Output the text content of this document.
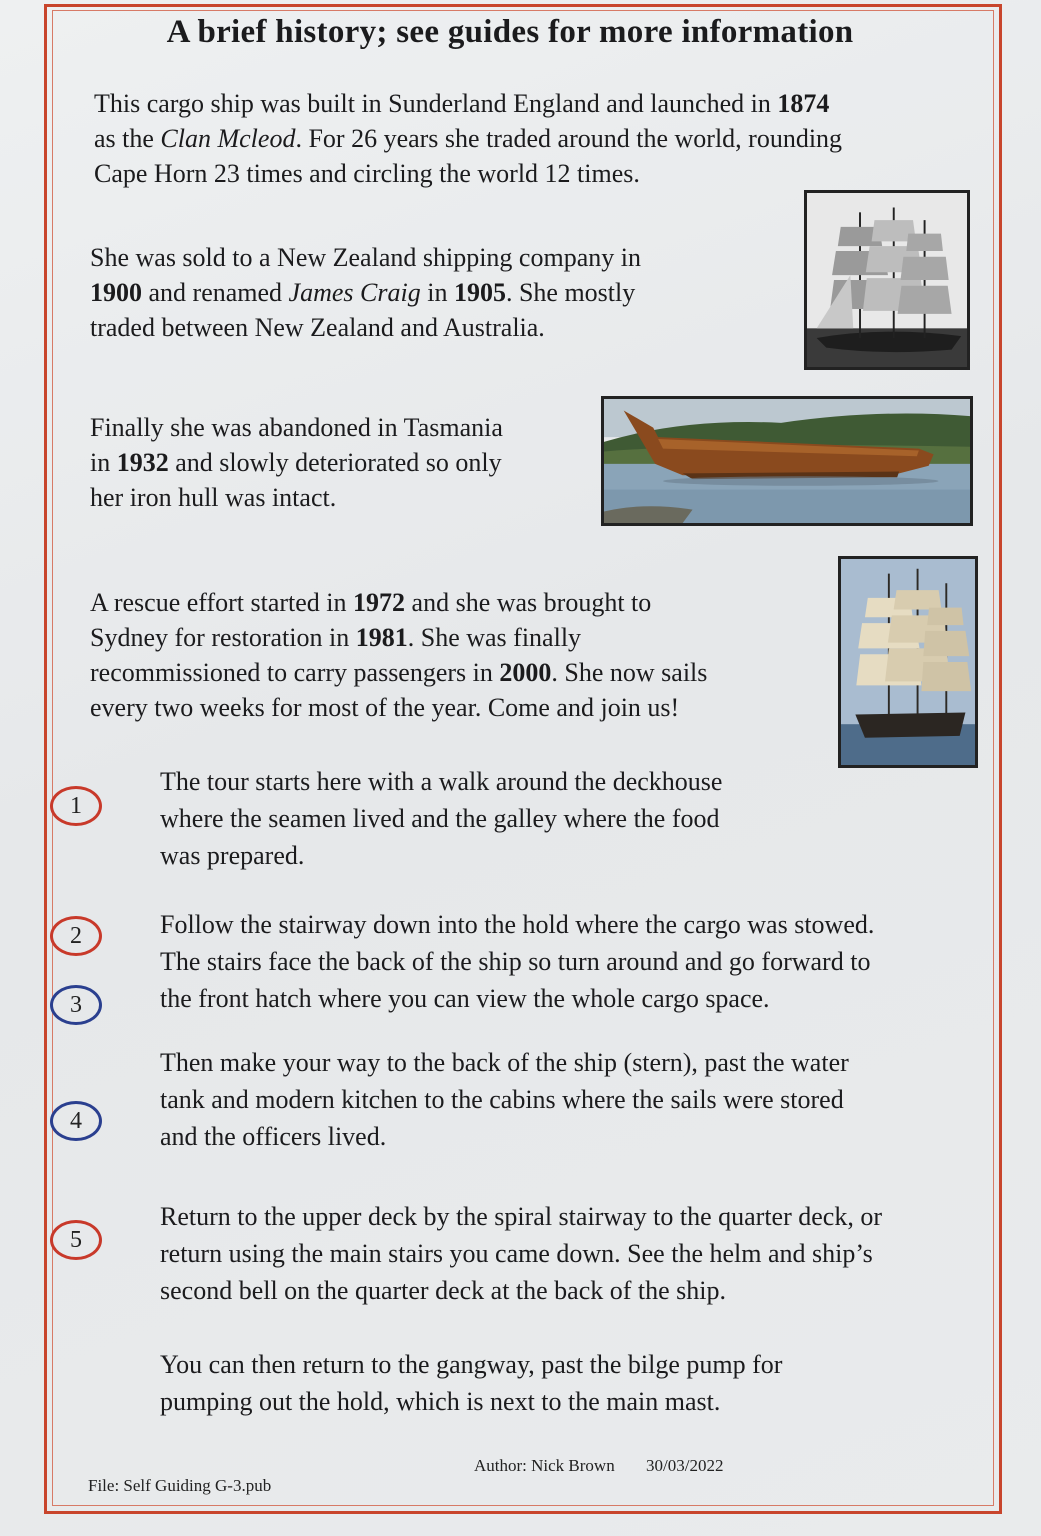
A brief history; see guides for more information

This cargo ship was built in Sunderland England and launched in 1874
as the Clan Mcleod. For 26 years she traded around the world, rounding
Cape Horn 23 times and circling the world 12 times.

She was sold to a New Zealand shipping company in
1900 and renamed James Craig in 1905. She mostly
traded between New Zealand and Australia.

Finally she was abandoned in Tasmania
in 1932 and slowly deteriorated so only
her iron hull was intact.

A rescue effort started in 1972 and she was brought to
Sydney for restoration in 1981. She was finally
recommissioned to carry passengers in 2000. She now sails
every two weeks for most of the year. Come and join us!

1
2
3
4
5

The tour starts here with a walk around the deckhouse
where the seamen lived and the galley where the food
was prepared.

Follow the stairway down into the hold where the cargo was stowed.
The stairs face the back of the ship so turn around and go forward to
the front hatch where you can view the whole cargo space.

Then make your way to the back of the ship (stern), past the water
tank and modern kitchen to the cabins where the sails were stored
and the officers lived.

Return to the upper deck by the spiral stairway to the quarter deck, or
return using the main stairs you came down. See the helm and ship’s
second bell on the quarter deck at the back of the ship.

You can then return to the gangway, past the bilge pump for
pumping out the hold, which is next to the main mast.

File: Self Guiding G-3.pub
Author: Nick Brown 30/03/2022
